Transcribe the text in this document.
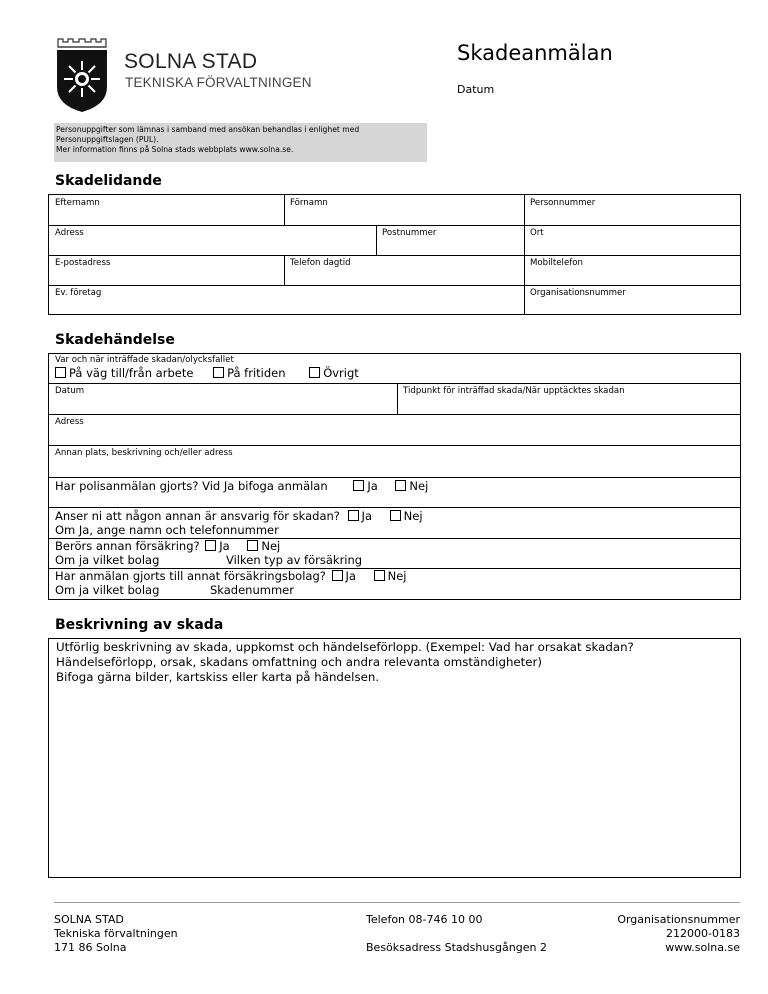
SOLNA STAD
TEKNISKA FÖRVALTNINGEN
Skadeanmälan
Datum
Personuppgifter som lämnas i samband med ansökan behandlas i enlighet med
Personuppgiftslagen (PUL).
Mer information finns på Solna stads webbplats www.solna.se.
Skadelidande
Efternamn	Förnamn	Personnummer
Adress	Postnummer	Ort
E-postadress	Telefon dagtid	Mobiltelefon
Ev. företag	Organisationsnummer
Skadehändelse
Var och när inträffade skadan/olycksfallet
På väg till/från arbete	På fritiden	Övrigt
Datum	Tidpunkt för inträffad skada/När upptäcktes skadan
Adress
Annan plats, beskrivning och/eller adress
Har polisanmälan gjorts? Vid Ja bifoga anmälan	Ja	Nej
Anser ni att någon annan är ansvarig för skadan? Ja	Nej
Om Ja, ange namn och telefonnummer
Berörs annan försäkring? Ja	Nej
Om ja vilket bolag	Vilken typ av försäkring
Har anmälan gjorts till annat försäkringsbolag? Ja	Nej
Om ja vilket bolag	Skadenummer
Beskrivning av skada
Utförlig beskrivning av skada, uppkomst och händelseförlopp. (Exempel: Vad har orsakat skadan?
Händelseförlopp, orsak, skadans omfattning och andra relevanta omständigheter)
Bifoga gärna bilder, kartskiss eller karta på händelsen.
SOLNA STAD
Tekniska förvaltningen
171 86 Solna
Telefon 08-746 10 00
Besöksadress Stadshusgången 2
Organisationsnummer
212000-0183
www.solna.se
